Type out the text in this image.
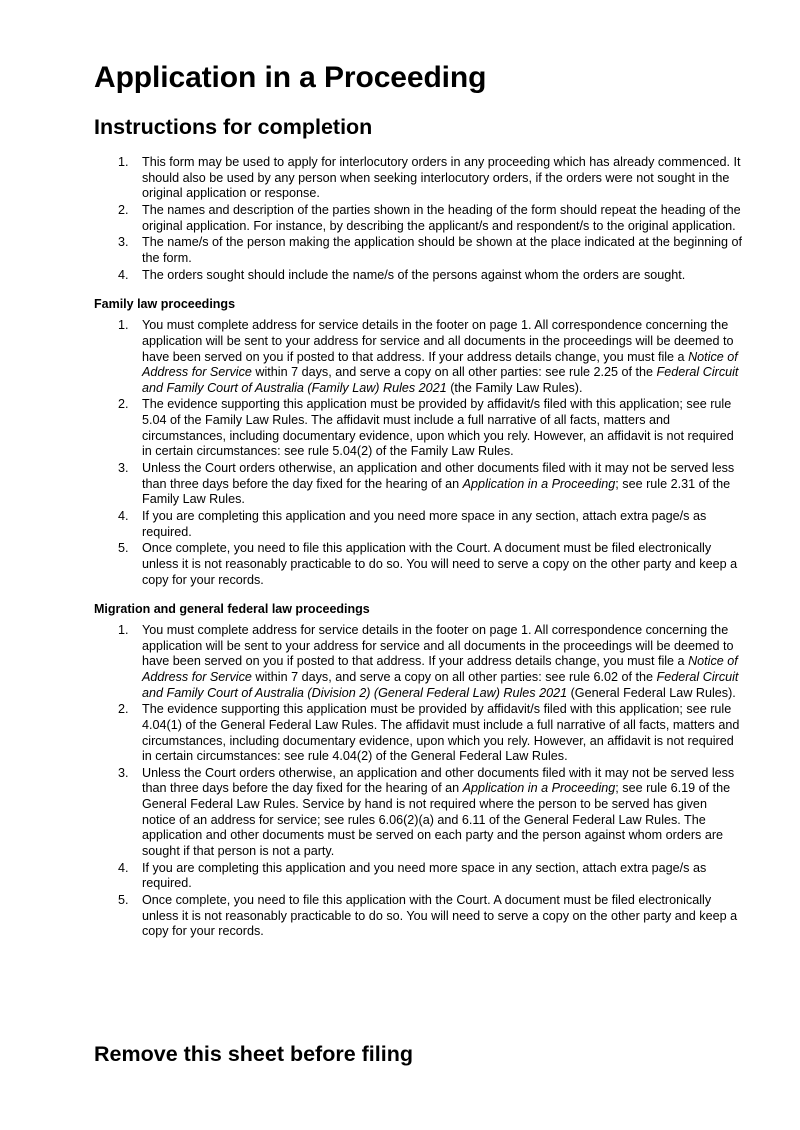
Application in a Proceeding
Instructions for completion
1. This form may be used to apply for interlocutory orders in any proceeding which has already commenced. It should also be used by any person when seeking interlocutory orders, if the orders were not sought in the original application or response.
2. The names and description of the parties shown in the heading of the form should repeat the heading of the original application. For instance, by describing the applicant/s and respondent/s to the original application.
3. The name/s of the person making the application should be shown at the place indicated at the beginning of the form.
4. The orders sought should include the name/s of the persons against whom the orders are sought.
Family law proceedings
1. You must complete address for service details in the footer on page 1. All correspondence concerning the application will be sent to your address for service and all documents in the proceedings will be deemed to have been served on you if posted to that address. If your address details change, you must file a Notice of Address for Service within 7 days, and serve a copy on all other parties: see rule 2.25 of the Federal Circuit and Family Court of Australia (Family Law) Rules 2021 (the Family Law Rules).
2. The evidence supporting this application must be provided by affidavit/s filed with this application; see rule 5.04 of the Family Law Rules. The affidavit must include a full narrative of all facts, matters and circumstances, including documentary evidence, upon which you rely. However, an affidavit is not required in certain circumstances: see rule 5.04(2) of the Family Law Rules.
3. Unless the Court orders otherwise, an application and other documents filed with it may not be served less than three days before the day fixed for the hearing of an Application in a Proceeding; see rule 2.31 of the Family Law Rules.
4. If you are completing this application and you need more space in any section, attach extra page/s as required.
5. Once complete, you need to file this application with the Court. A document must be filed electronically unless it is not reasonably practicable to do so. You will need to serve a copy on the other party and keep a copy for your records.
Migration and general federal law proceedings
1. You must complete address for service details in the footer on page 1. All correspondence concerning the application will be sent to your address for service and all documents in the proceedings will be deemed to have been served on you if posted to that address. If your address details change, you must file a Notice of Address for Service within 7 days, and serve a copy on all other parties: see rule 6.02 of the Federal Circuit and Family Court of Australia (Division 2) (General Federal Law) Rules 2021 (General Federal Law Rules).
2. The evidence supporting this application must be provided by affidavit/s filed with this application; see rule 4.04(1) of the General Federal Law Rules. The affidavit must include a full narrative of all facts, matters and circumstances, including documentary evidence, upon which you rely. However, an affidavit is not required in certain circumstances: see rule 4.04(2) of the General Federal Law Rules.
3. Unless the Court orders otherwise, an application and other documents filed with it may not be served less than three days before the day fixed for the hearing of an Application in a Proceeding; see rule 6.19 of the General Federal Law Rules. Service by hand is not required where the person to be served has given notice of an address for service; see rules 6.06(2)(a) and 6.11 of the General Federal Law Rules. The application and other documents must be served on each party and the person against whom orders are sought if that person is not a party.
4. If you are completing this application and you need more space in any section, attach extra page/s as required.
5. Once complete, you need to file this application with the Court. A document must be filed electronically unless it is not reasonably practicable to do so. You will need to serve a copy on the other party and keep a copy for your records.
Remove this sheet before filing
